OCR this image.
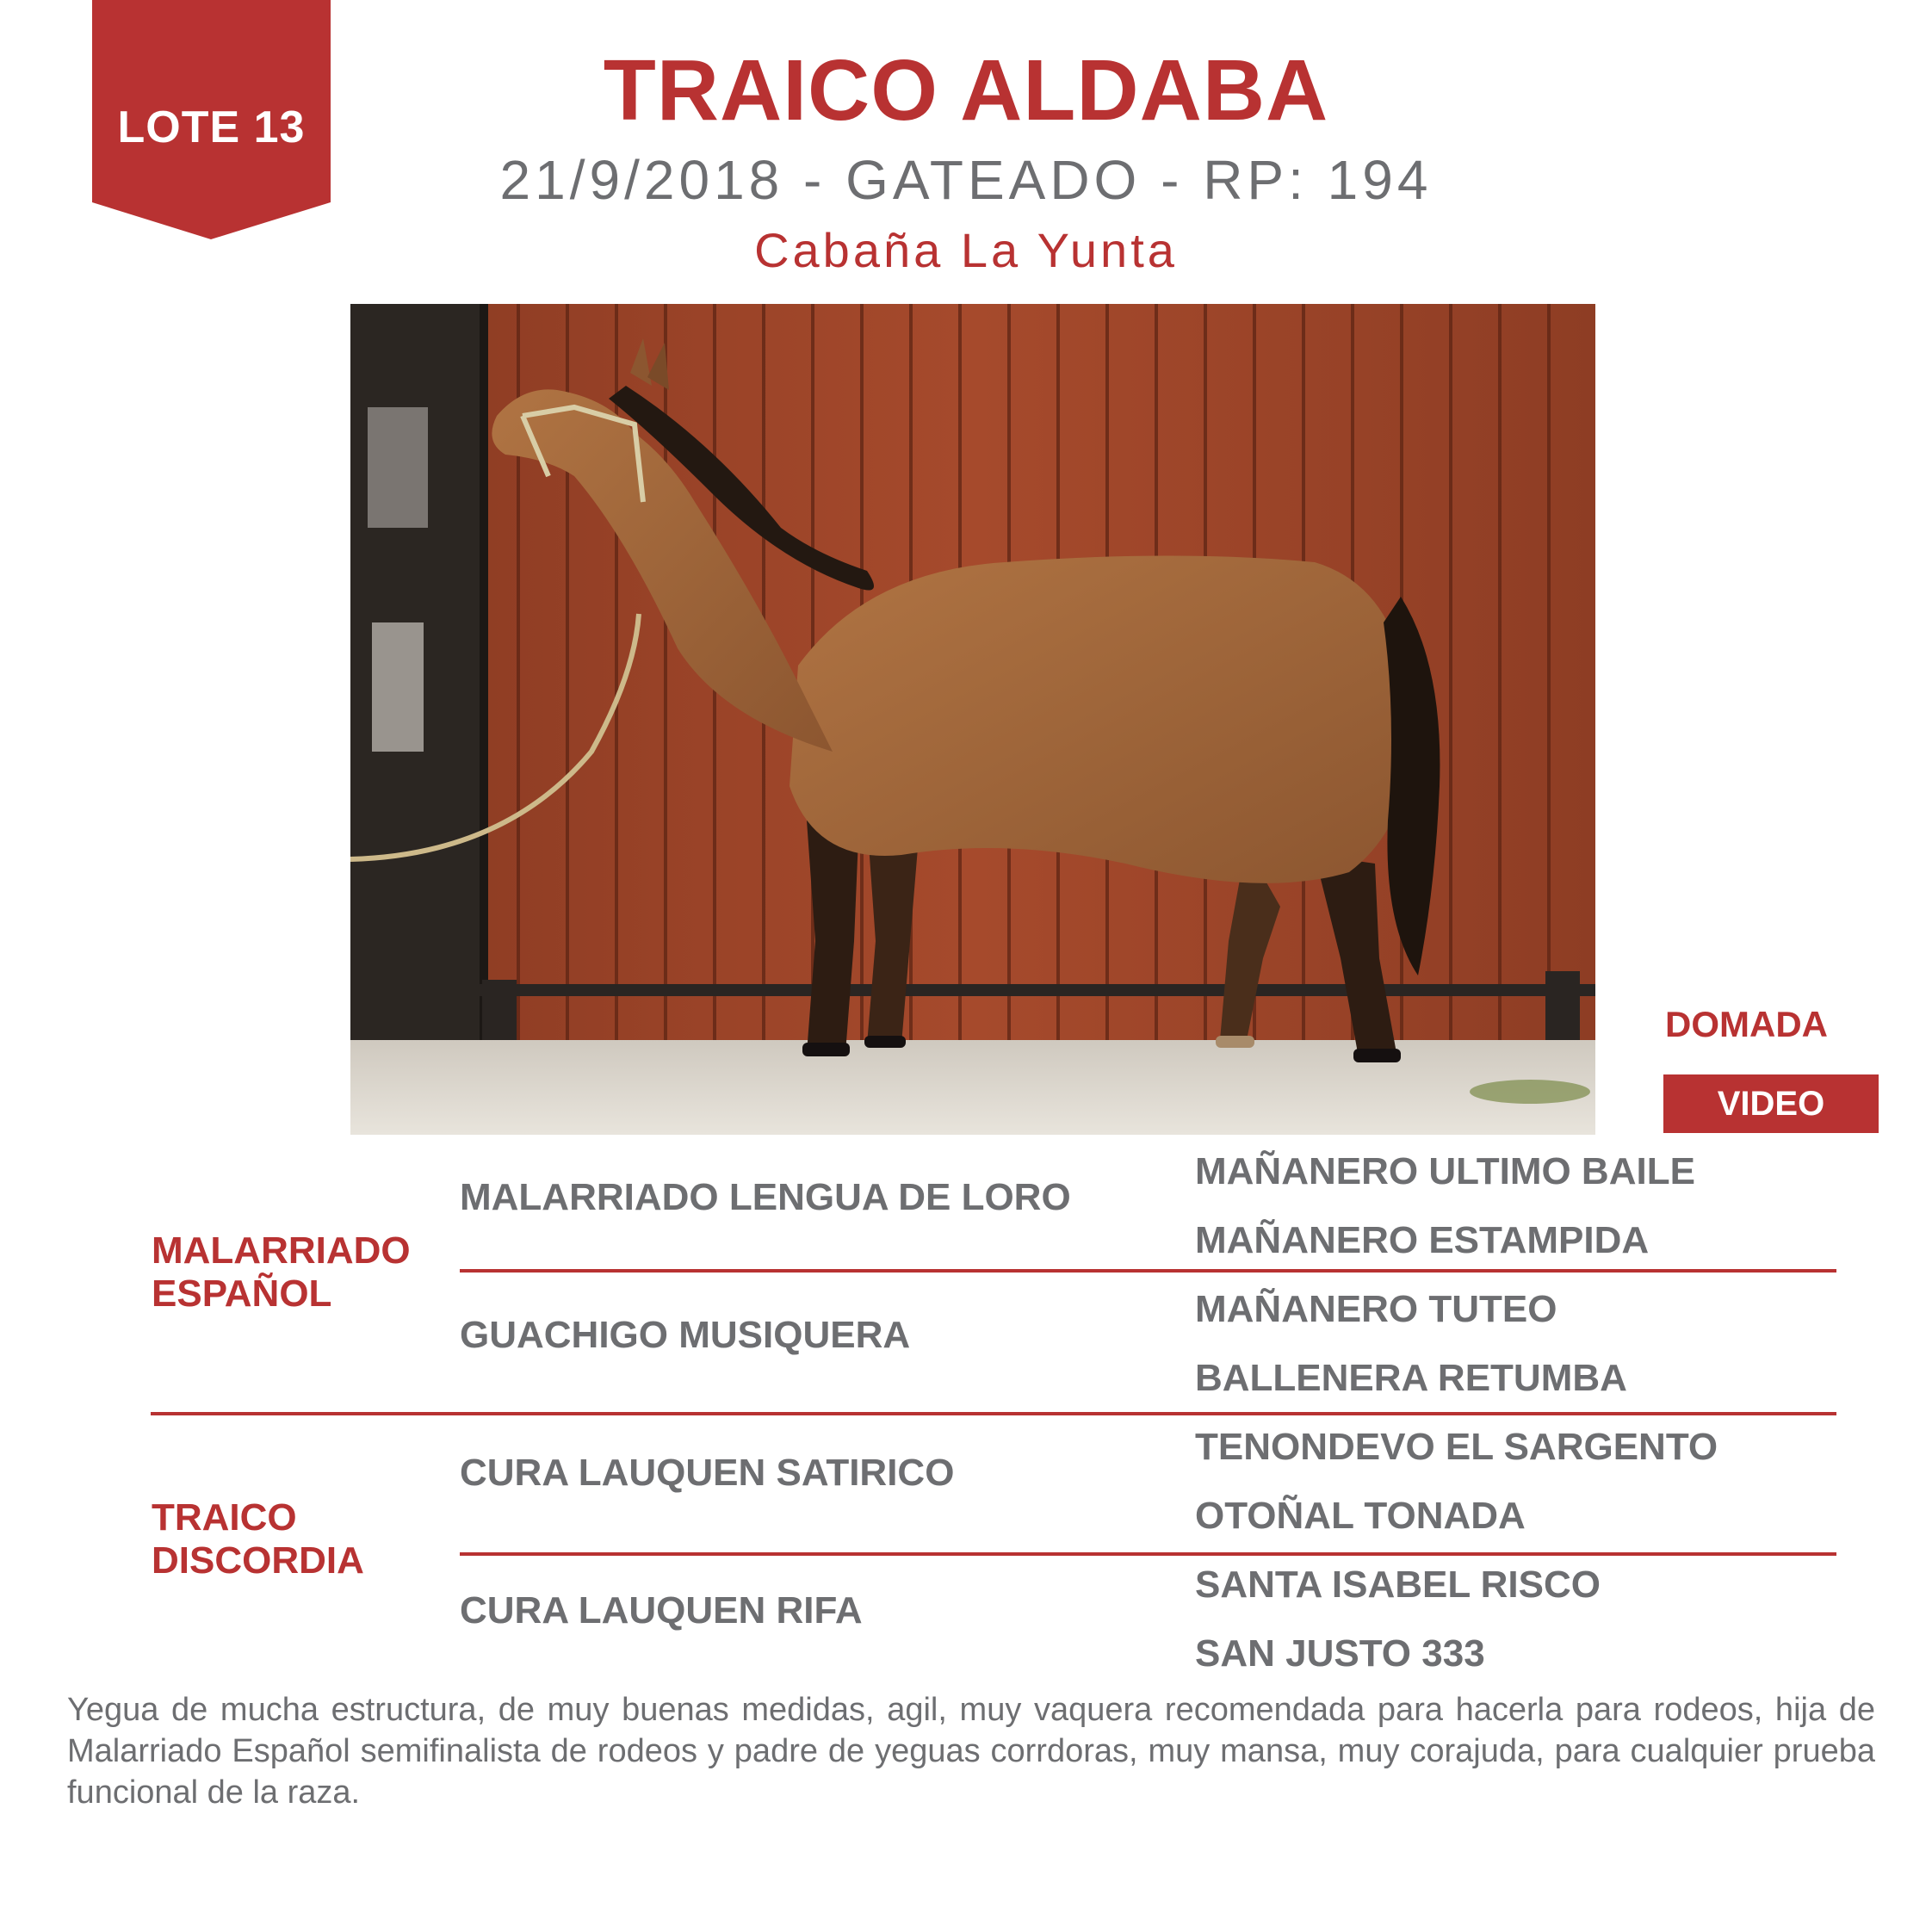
LOTE 13	TRAICO ALDABA
21/9/2018 - GATEADO - RP: 194
Cabaña La Yunta
DOMADA
VIDEO
MALARRIADO
ESPAÑOL
TRAICO
DISCORDIA
MALARRIADO LENGUA DE LORO
GUACHIGO MUSIQUERA
CURA LAUQUEN SATIRICO
CURA LAUQUEN RIFA
MAÑANERO ULTIMO BAILE
MAÑANERO ESTAMPIDA
MAÑANERO TUTEO
BALLENERA RETUMBA
TENONDEVO EL SARGENTO
OTOÑAL TONADA
SANTA ISABEL RISCO
SAN JUSTO 333
Yegua de mucha estructura, de muy buenas medidas, agil, muy vaquera recomendada para hacerla para rodeos, hija de Malarriado Español semifinalista de rodeos y padre de yeguas corrdoras, muy mansa, muy corajuda, para cualquier prueba funcional de la raza.
